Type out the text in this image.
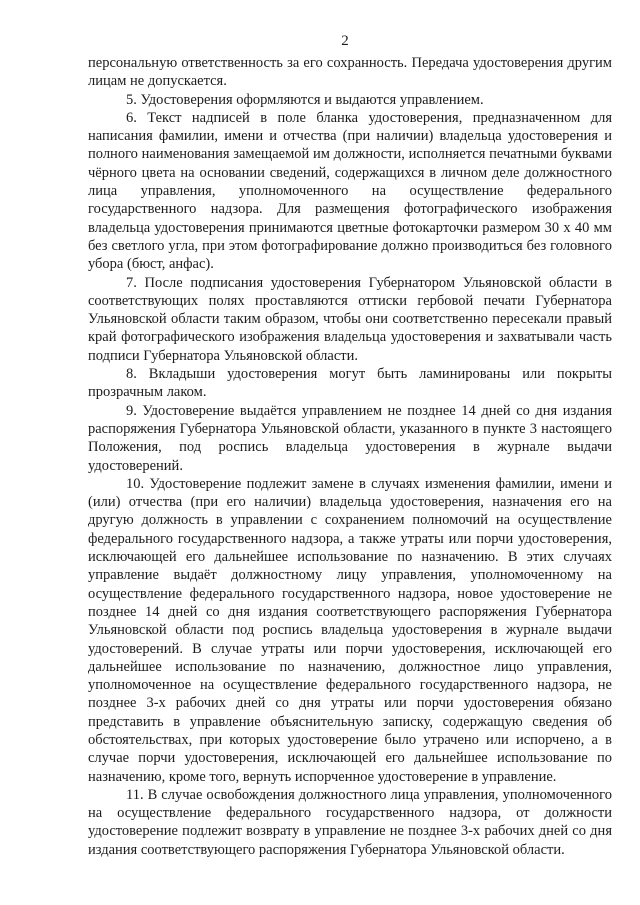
2

персональную ответственность за его сохранность. Передача удостоверения другим лицам не допускается.

5. Удостоверения оформляются и выдаются управлением.

6. Текст надписей в поле бланка удостоверения, предназначенном для написания фамилии, имени и отчества (при наличии) владельца удостоверения и полного наименования замещаемой им должности, исполняется печатными буквами чёрного цвета на основании сведений, содержащихся в личном деле должностного лица управления, уполномоченного на осуществление федерального государственного надзора. Для размещения фотографического изображения владельца удостоверения принимаются цветные фотокарточки размером 30 х 40 мм без светлого угла, при этом фотографирование должно производиться без головного убора (бюст, анфас).

7. После подписания удостоверения Губернатором Ульяновской области в соответствующих полях проставляются оттиски гербовой печати Губернатора Ульяновской области таким образом, чтобы они соответственно пересекали правый край фотографического изображения владельца удостоверения и захватывали часть подписи Губернатора Ульяновской области.

8. Вкладыши удостоверения могут быть ламинированы или покрыты прозрачным лаком.

9. Удостоверение выдаётся управлением не позднее 14 дней со дня издания распоряжения Губернатора Ульяновской области, указанного в пункте 3 настоящего Положения, под роспись владельца удостоверения в журнале выдачи удостоверений.

10. Удостоверение подлежит замене в случаях изменения фамилии, имени и (или) отчества (при его наличии) владельца удостоверения, назначения его на другую должность в управлении с сохранением полномочий на осуществление федерального государственного надзора, а также утраты или порчи удостоверения, исключающей его дальнейшее использование по назначению. В этих случаях управление выдаёт должностному лицу управления, уполномоченному на осуществление федерального государственного надзора, новое удостоверение не позднее 14 дней со дня издания соответствующего распоряжения Губернатора Ульяновской области под роспись владельца удостоверения в журнале выдачи удостоверений. В случае утраты или порчи удостоверения, исключающей его дальнейшее использование по назначению, должностное лицо управления, уполномоченное на осуществление федерального государственного надзора, не позднее 3-х рабочих дней со дня утраты или порчи удостоверения обязано представить в управление объяснительную записку, содержащую сведения об обстоятельствах, при которых удостоверение было утрачено или испорчено, а в случае порчи удостоверения, исключающей его дальнейшее использование по назначению, кроме того, вернуть испорченное удостоверение в управление.

11. В случае освобождения должностного лица управления, уполномоченного на осуществление федерального государственного надзора, от должности удостоверение подлежит возврату в управление не позднее 3-х рабочих дней со дня издания соответствующего распоряжения Губернатора Ульяновской области.
